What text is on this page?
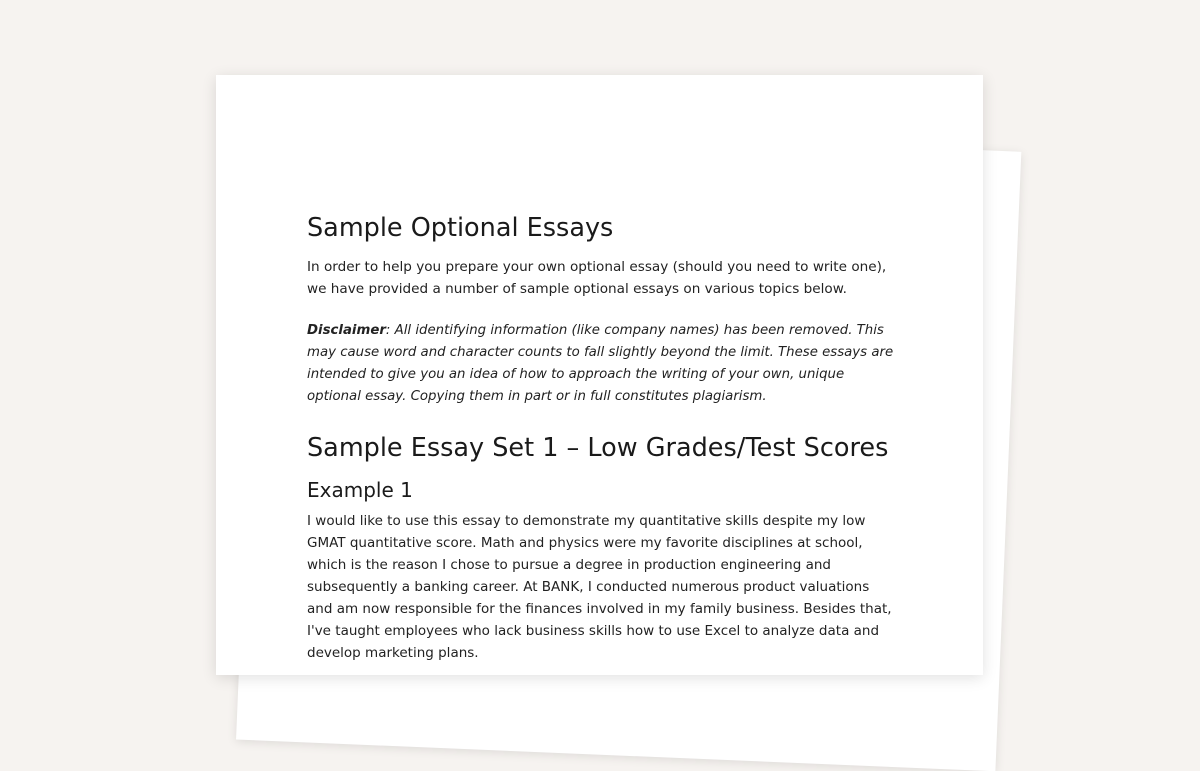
Sample Optional Essays

In order to help you prepare your own optional essay (should you need to write one), we have provided a number of sample optional essays on various topics below.

Disclaimer: All identifying information (like company names) has been removed. This may cause word and character counts to fall slightly beyond the limit. These essays are intended to give you an idea of how to approach the writing of your own, unique optional essay. Copying them in part or in full constitutes plagiarism.

Sample Essay Set 1 – Low Grades/Test Scores
Example 1

I would like to use this essay to demonstrate my quantitative skills despite my low GMAT quantitative score. Math and physics were my favorite disciplines at school, which is the reason I chose to pursue a degree in production engineering and subsequently a banking career. At BANK, I conducted numerous product valuations and am now responsible for the finances involved in my family business. Besides that, I've taught employees who lack business skills how to use Excel to analyze data and develop marketing plans.
